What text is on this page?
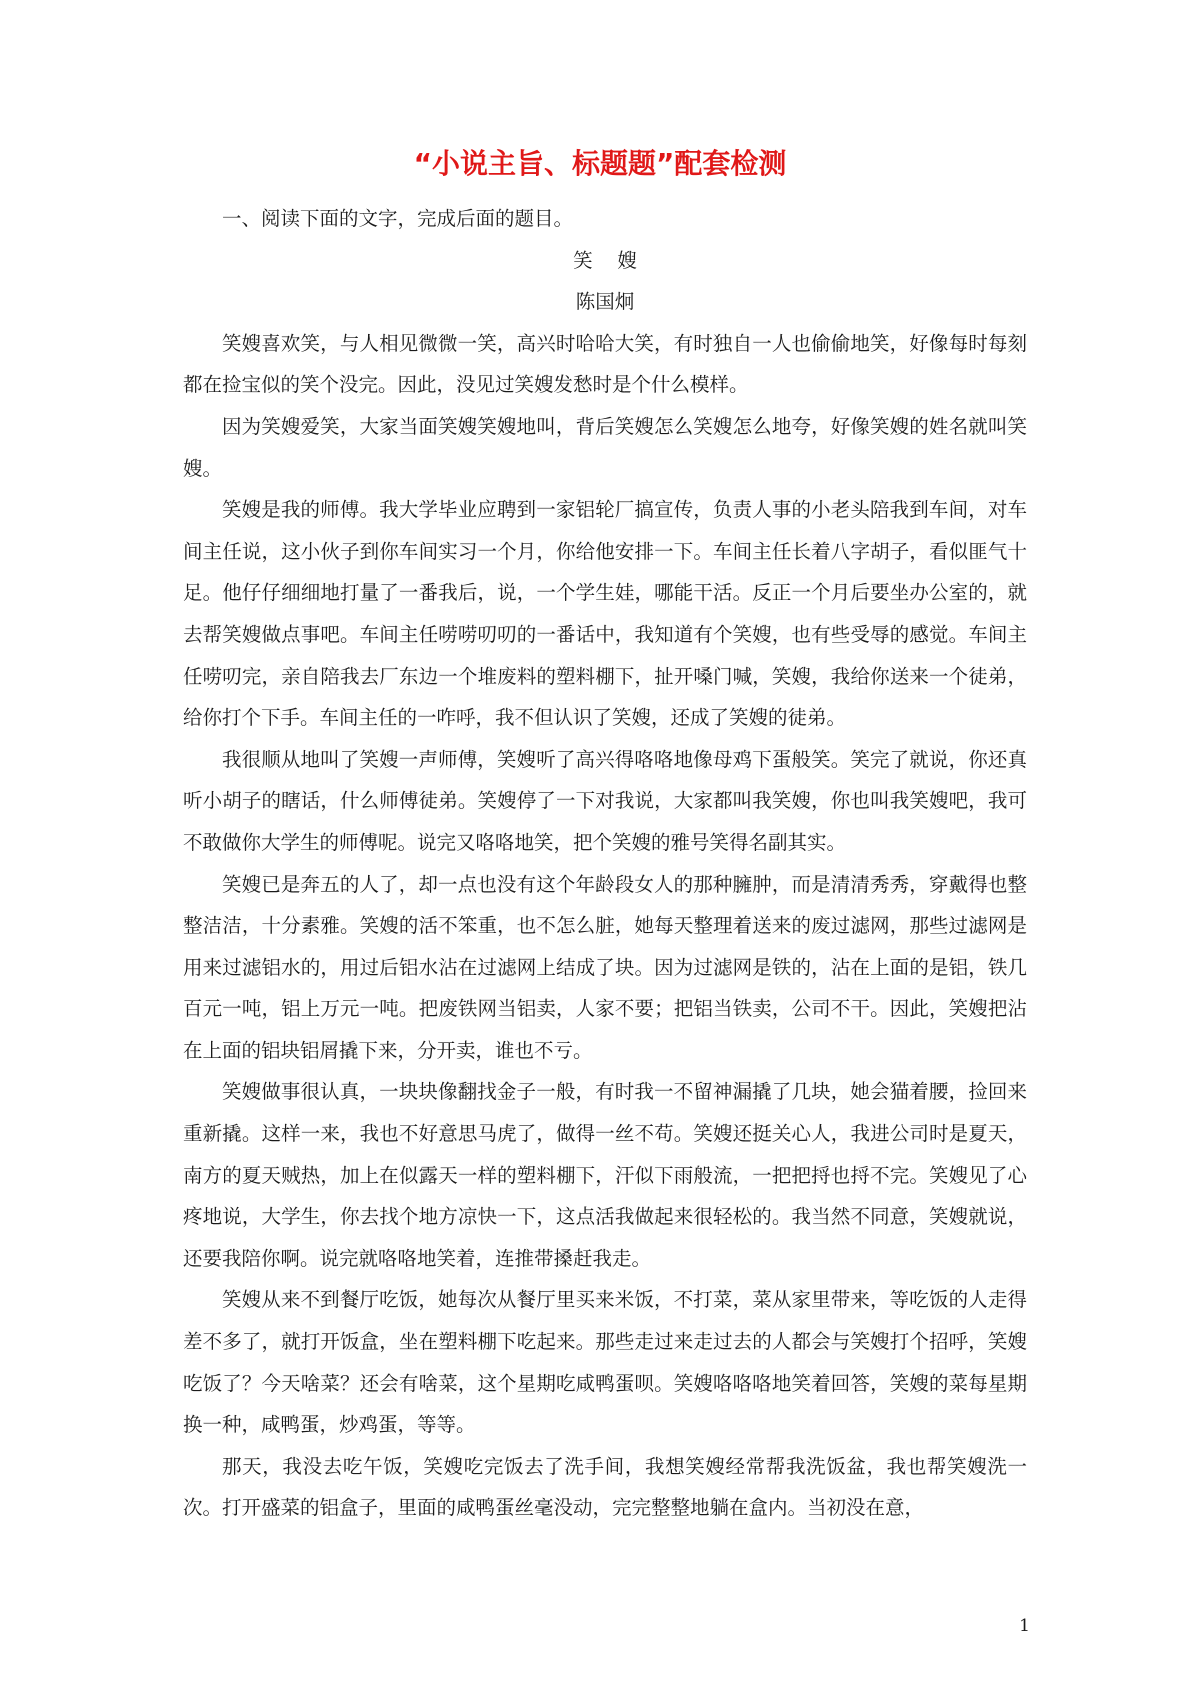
“小说主旨、标题题”配套检测

一、阅读下面的文字，完成后面的题目。

笑    嫂

陈国炯

笑嫂喜欢笑，与人相见微微一笑，高兴时哈哈大笑，有时独自一人也偷偷地笑，好像每时每刻都在捡宝似的笑个没完。因此，没见过笑嫂发愁时是个什么模样。

因为笑嫂爱笑，大家当面笑嫂笑嫂地叫，背后笑嫂怎么笑嫂怎么地夸，好像笑嫂的姓名就叫笑嫂。

笑嫂是我的师傅。我大学毕业应聘到一家铝轮厂搞宣传，负责人事的小老头陪我到车间，对车间主任说，这小伙子到你车间实习一个月，你给他安排一下。车间主任长着八字胡子，看似匪气十足。他仔仔细细地打量了一番我后，说，一个学生娃，哪能干活。反正一个月后要坐办公室的，就去帮笑嫂做点事吧。车间主任唠唠叨叨的一番话中，我知道有个笑嫂，也有些受辱的感觉。车间主任唠叨完，亲自陪我去厂东边一个堆废料的塑料棚下，扯开嗓门喊，笑嫂，我给你送来一个徒弟，给你打个下手。车间主任的一咋呼，我不但认识了笑嫂，还成了笑嫂的徒弟。

我很顺从地叫了笑嫂一声师傅，笑嫂听了高兴得咯咯地像母鸡下蛋般笑。笑完了就说，你还真听小胡子的瞎话，什么师傅徒弟。笑嫂停了一下对我说，大家都叫我笑嫂，你也叫我笑嫂吧，我可不敢做你大学生的师傅呢。说完又咯咯地笑，把个笑嫂的雅号笑得名副其实。

笑嫂已是奔五的人了，却一点也没有这个年龄段女人的那种臃肿，而是清清秀秀，穿戴得也整整洁洁，十分素雅。笑嫂的活不笨重，也不怎么脏，她每天整理着送来的废过滤网，那些过滤网是用来过滤铝水的，用过后铝水沾在过滤网上结成了块。因为过滤网是铁的，沾在上面的是铝，铁几百元一吨，铝上万元一吨。把废铁网当铝卖，人家不要；把铝当铁卖，公司不干。因此，笑嫂把沾在上面的铝块铝屑撬下来，分开卖，谁也不亏。

笑嫂做事很认真，一块块像翻找金子一般，有时我一不留神漏撬了几块，她会猫着腰，捡回来重新撬。这样一来，我也不好意思马虎了，做得一丝不苟。笑嫂还挺关心人，我进公司时是夏天，南方的夏天贼热，加上在似露天一样的塑料棚下，汗似下雨般流，一把把捋也捋不完。笑嫂见了心疼地说，大学生，你去找个地方凉快一下，这点活我做起来很轻松的。我当然不同意，笑嫂就说，还要我陪你啊。说完就咯咯地笑着，连推带搡赶我走。

笑嫂从来不到餐厅吃饭，她每次从餐厅里买来米饭，不打菜，菜从家里带来，等吃饭的人走得差不多了，就打开饭盒，坐在塑料棚下吃起来。那些走过来走过去的人都会与笑嫂打个招呼，笑嫂吃饭了？今天啥菜？还会有啥菜，这个星期吃咸鸭蛋呗。笑嫂咯咯咯地笑着回答，笑嫂的菜每星期换一种，咸鸭蛋，炒鸡蛋，等等。

那天，我没去吃午饭，笑嫂吃完饭去了洗手间，我想笑嫂经常帮我洗饭盆，我也帮笑嫂洗一次。打开盛菜的铝盒子，里面的咸鸭蛋丝毫没动，完完整整地躺在盒内。当初没在意，

1
